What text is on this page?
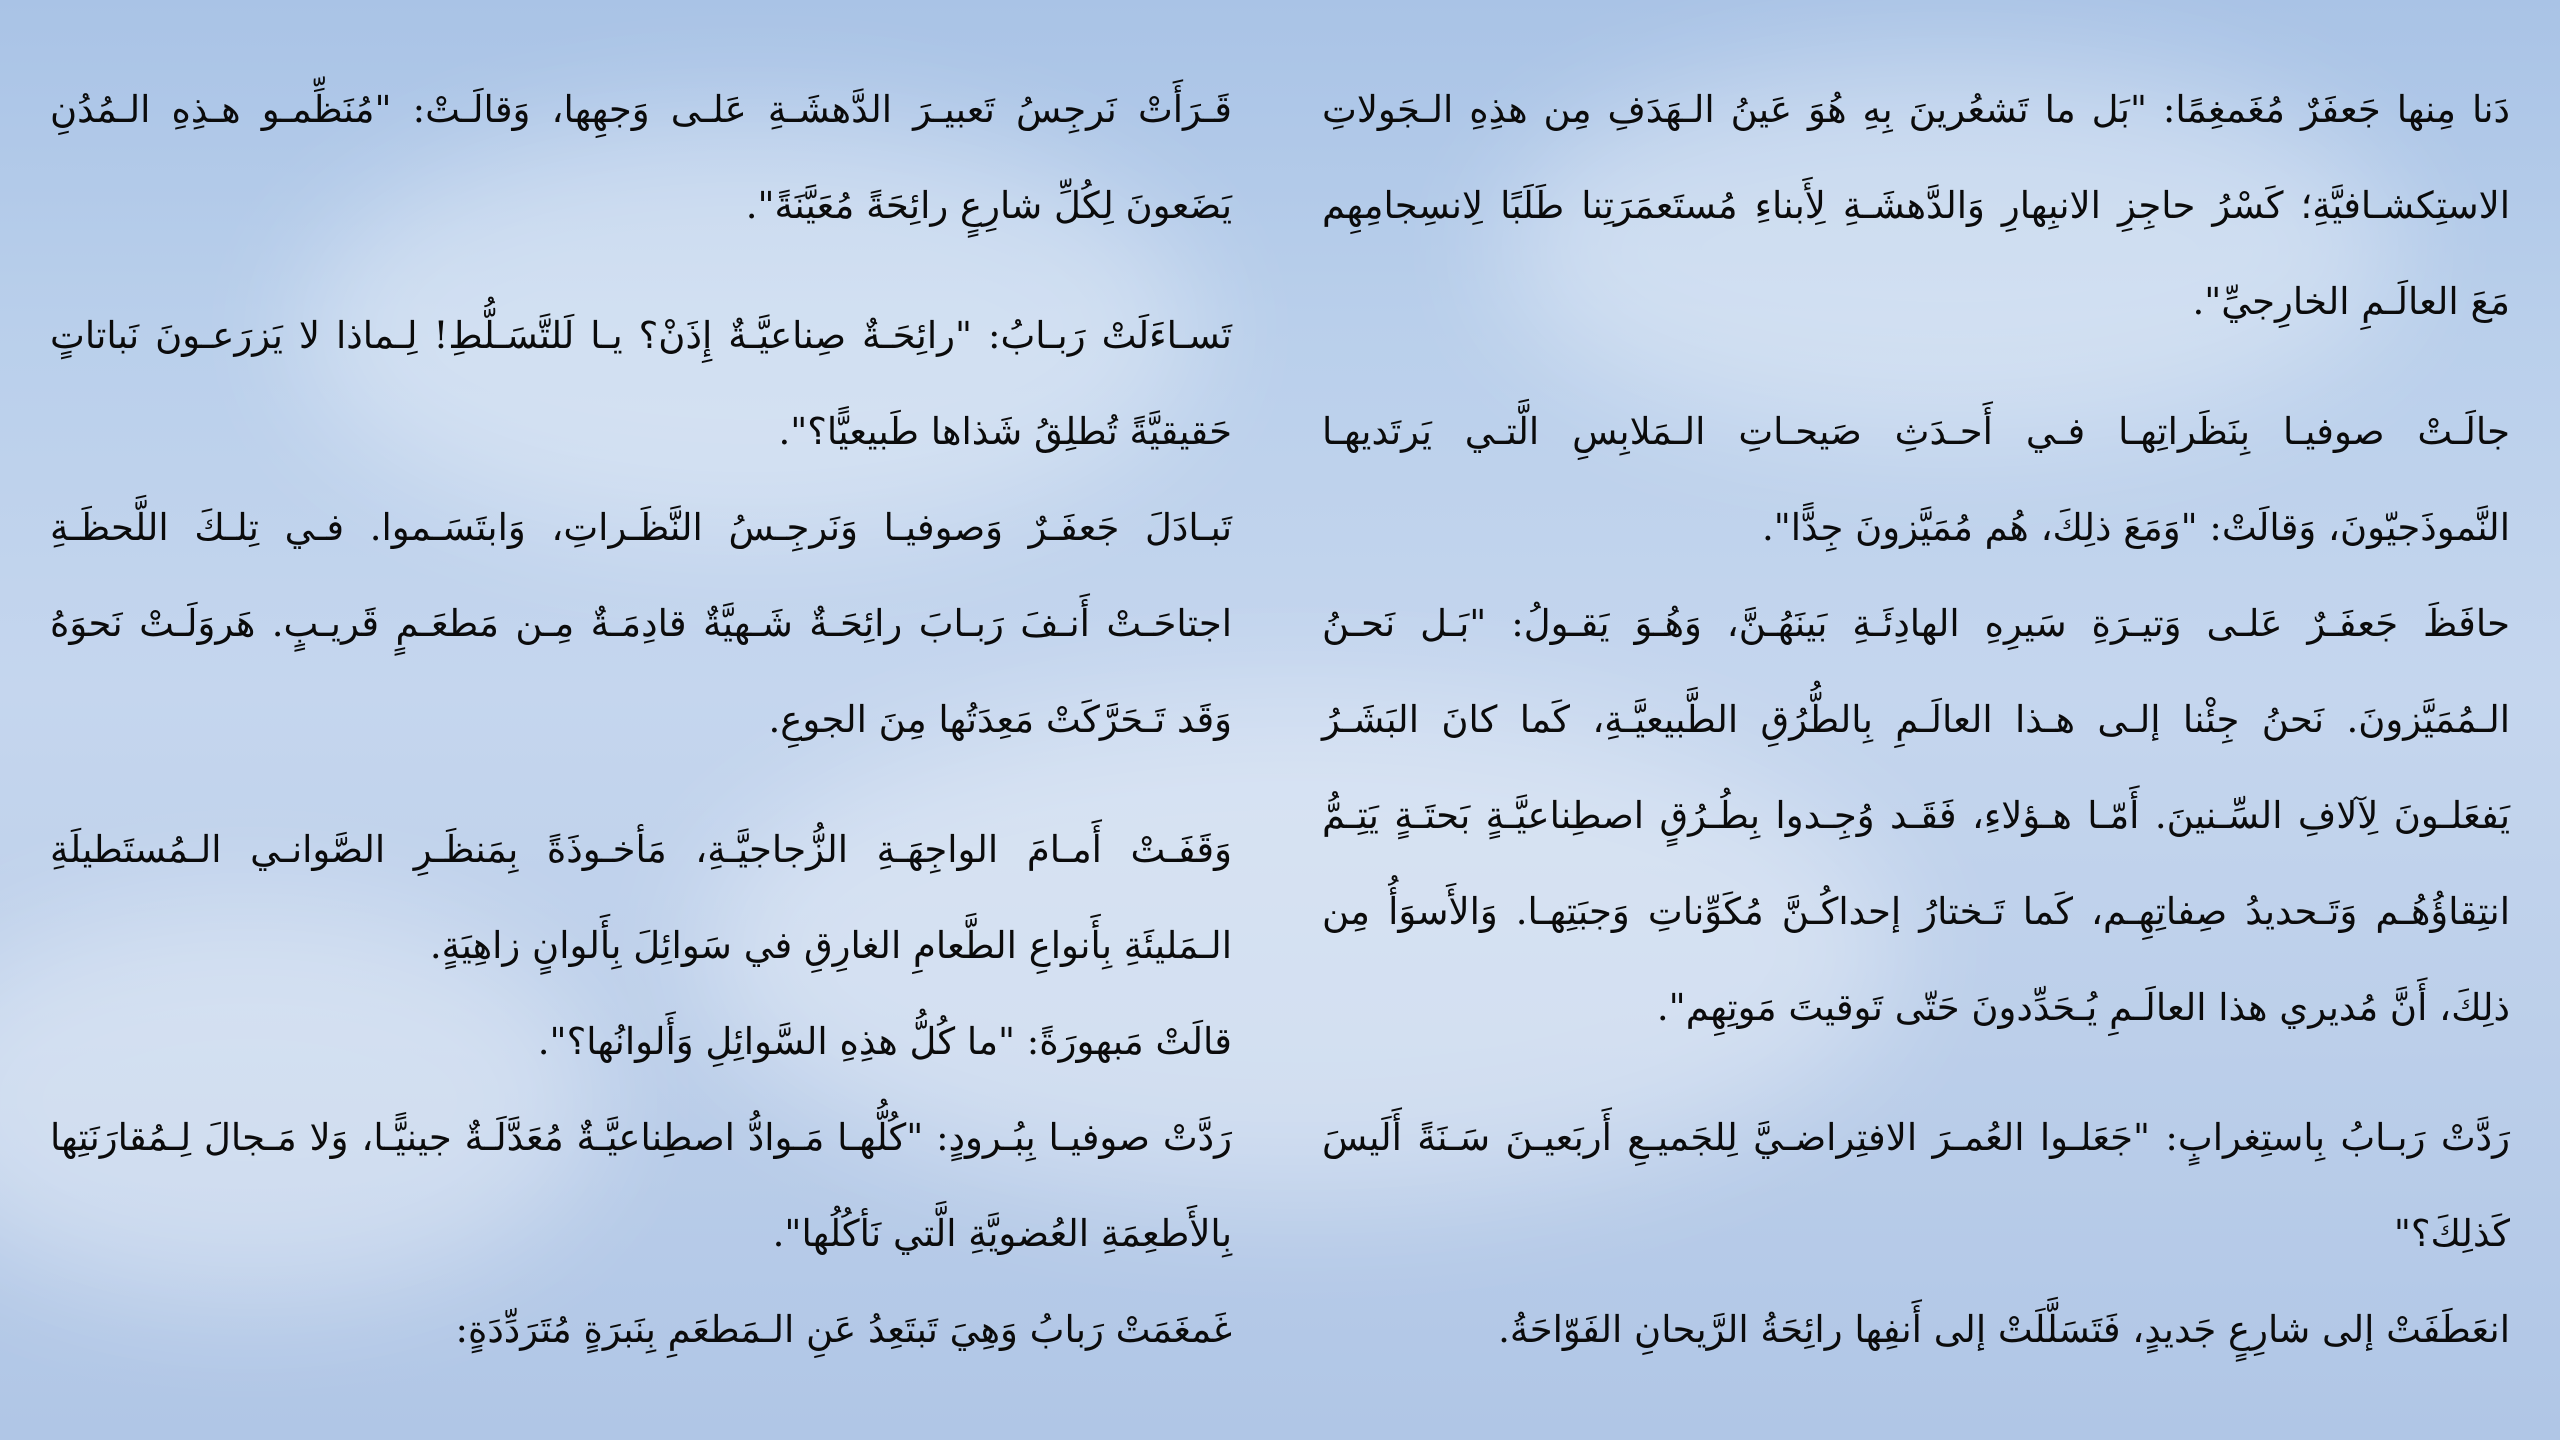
دَنا مِنها جَعفَرٌ مُغَمغِمًا: "بَل ما تَشعُرينَ بِهِ هُوَ عَينُ الـهَدَفِ مِن هذِهِ الـجَولاتِ الاستِكشـافيَّةِ؛ كَسْرُ حاجِزِ الانبِهارِ وَالدَّهشَـةِ لِأَبناءِ مُستَعمَرَتِنا طَلَبًا لِانسِجامِهِم مَعَ العالَـمِ الخارِجيِّ".

جالَـتْ صوفيـا بِنَظَراتِهـا فـي أَحـدَثِ صَيحـاتِ الـمَلابِسِ الَّتـي يَرتَديهـا النَّموذَجيّونَ، وَقالَتْ: "وَمَعَ ذلِكَ، هُم مُمَيَّزونَ جِدًّا".

حافَظَ جَعفَـرٌ عَلـى وَتيـرَةِ سَيرِهِ الهادِئَـةِ بَينَهُـنَّ، وَهُـوَ يَقـولُ: "بَـل نَحـنُ الـمُمَيَّزونَ. نَحنُ جِئْنا إلـى هـذا العالَـمِ بِالطُّرُقِ الطَّبيعيَّـةِ، كَما كانَ البَشَـرُ يَفعَلـونَ لِآلافِ السِّـنينَ. أَمّـا هـؤلاءِ، فَقَـد وُجِـدوا بِطُـرُقٍ اصطِناعيَّـةٍ بَحتَـةٍ يَتِـمُّ انتِقاؤُهُـم وَتَـحديدُ صِفاتِهِـم، كَما تَـختارُ إحداكُـنَّ مُكَوِّناتِ وَجبَتِهـا. وَالأَسوَأُ مِن ذلِكَ، أَنَّ مُديري هذا العالَـمِ يُـحَدِّدونَ حَتّى تَوقيتَ مَوتِهِم".

رَدَّتْ رَبـابُ بِاستِغرابٍ: "جَعَلـوا العُمـرَ الافتِراضـيَّ لِلجَميـعِ أَربَعيـنَ سَـنَةً أَلَيسَ كَذلِكَ؟"

انعَطَفَتْ إلى شارِعٍ جَديدٍ، فَتَسَلَّلَتْ إلى أَنفِها رائِحَةُ الرَّيحانِ الفَوّاحَةُ.

قَـرَأَتْ نَرجِسُ تَعبيـرَ الدَّهشَـةِ عَلـى وَجهِها، وَقالَـتْ: "مُنَظِّمـو هـذِهِ الـمُدُنِ يَضَعونَ لِكُلِّ شارِعٍ رائِحَةً مُعَيَّنَةً".

تَسـاءَلَتْ رَبـابُ: "رائِحَـةٌ صِناعيَّـةٌ إِذَنْ؟ يـا لَلتَّسَـلُّطِ! لِـماذا لا يَزرَعـونَ نَباتاتٍ حَقيقيَّةً تُطلِقُ شَذاها طَبيعيًّا؟".

تَبـادَلَ جَعفَـرٌ وَصوفيـا وَنَرجِـسُ النَّظَـراتِ، وَابتَسَـموا. فـي تِلـكَ اللَّحظَـةِ اجتاحَـتْ أَنـفَ رَبـابَ رائِحَـةٌ شَـهيَّةٌ قادِمَـةٌ مِـن مَطعَـمٍ قَريـبٍ. هَروَلَـتْ نَحوَهُ وَقَد تَـحَرَّكَتْ مَعِدَتُها مِنَ الجوعِ.

وَقَفَـتْ أَمـامَ الواجِهَـةِ الزُّجاجيَّـةِ، مَأخـوذَةً بِمَنظَـرِ الصَّوانـي الـمُستَطيلَةِ الـمَليئَةِ بِأَنواعِ الطَّعامِ الغارِقِ في سَوائِلَ بِأَلوانٍ زاهِيَةٍ.

قالَتْ مَبهورَةً: "ما كُلُّ هذِهِ السَّوائِلِ وَأَلوانُها؟".

رَدَّتْ صوفيـا بِبُـرودٍ: "كُلُّهـا مَـوادُّ اصطِناعيَّـةٌ مُعَدَّلَـةٌ جينيًّـا، وَلا مَـجالَ لِـمُقارَنَتِها بِالأَطعِمَةِ العُضويَّةِ الَّتي نَأكُلُها".

غَمغَمَتْ رَبابُ وَهِيَ تَبتَعِدُ عَنِ الـمَطعَمِ بِنَبرَةٍ مُتَرَدِّدَةٍ:
